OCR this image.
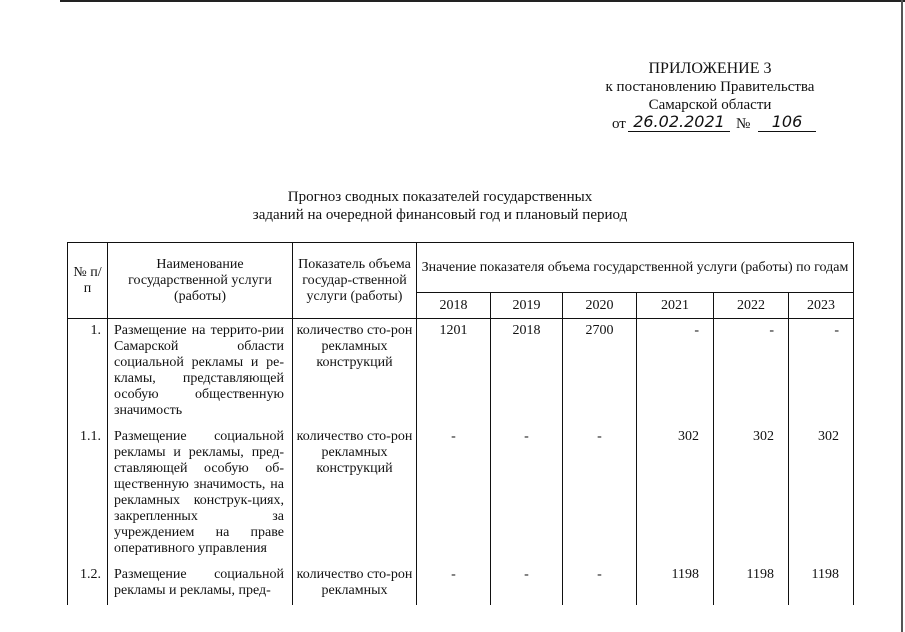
ПРИЛОЖЕНИЕ 3
к постановлению Правительства
Самарской области
от 26.02.2021 №	106
Прогноз сводных показателей государственных
заданий на очередной финансовый год и плановый период
№ п/п	Наименование государственной услуги (работы)	Показатель объема государ-ственной услуги (работы)	Значение показателя объема государственной услуги (работы) по годам					
			2018	2019	2020	2021	2022	2023
1.	Размещение на террито-рии Самарской области социальной рекламы и ре-кламы, представляющей особую общественную значимость	количество сто-рон рекламных конструкций	1201	2018	2700	-	-	-
1.1.	Размещение социальной рекламы и рекламы, пред-ставляющей особую об-щественную значимость, на рекламных конструк-циях, закрепленных за учреждением на праве оперативного управления	количество сто-рон рекламных конструкций	-	-	-	302	302	302
1.2.	Размещение социальной рекламы и рекламы, пред-	количество сто-рон рекламных	-	-	-	1198	1198	1198
